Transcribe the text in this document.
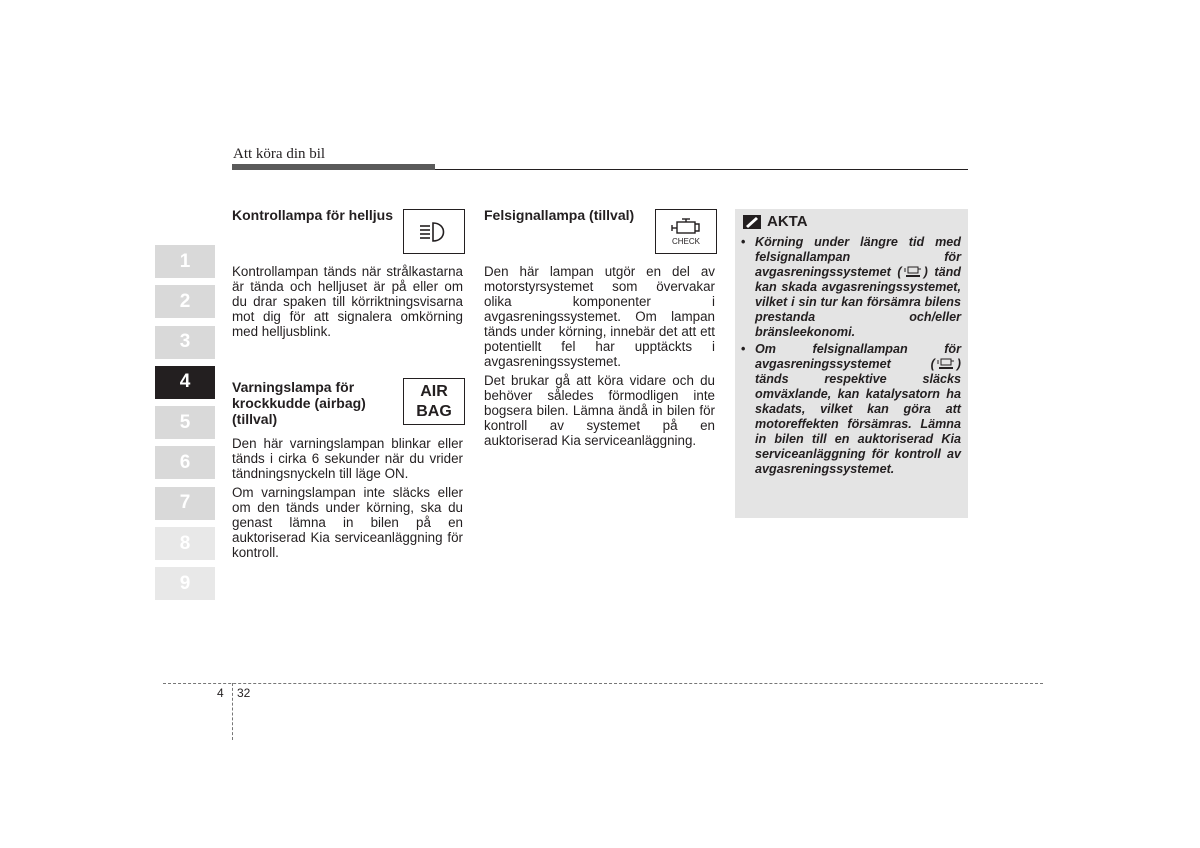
Att köra din bil
1
2
3
4
5
6
7
8
9
Kontrollampa för helljus

Kontrollampan tänds när strålkastarna är tända och helljuset är på eller om du drar spaken till körriktningsvisarna mot dig för att signalera omkörning med helljusblink.

Varningslampa för krockkudde (airbag) (tillval)
AIR
BAG

Den här varningslampan blinkar eller tänds i cirka 6 sekunder när du vrider tändningsnyckeln till läge ON.

Om varningslampan inte släcks eller om den tänds under körning, ska du genast lämna in bilen på en auktoriserad Kia serviceanläggning för kontroll.

Felsignallampa (tillval)
CHECK

Den här lampan utgör en del av motorstyrsystemet som övervakar olika komponenter i avgasreningssystemet. Om lampan tänds under körning, innebär det att ett potentiellt fel har upptäckts i avgasreningssystemet.

Det brukar gå att köra vidare och du behöver således förmodligen inte bogsera bilen. Lämna ändå in bilen för kontroll av systemet på en auktoriserad Kia serviceanläggning.

AKTA
• Körning under längre tid med felsignallampan för avgasreningssystemet ( ) tänd kan skada avgasreningssystemet, vilket i sin tur kan försämra bilens prestanda och/eller bränsleekonomi.
• Om felsignallampan för avgasreningssystemet ( ) tänds respektive släcks omväxlande, kan katalysatorn ha skadats, vilket kan göra att motoreffekten försämras. Lämna in bilen till en auktoriserad Kia serviceanläggning för kontroll av avgasreningssystemet.
4 32
